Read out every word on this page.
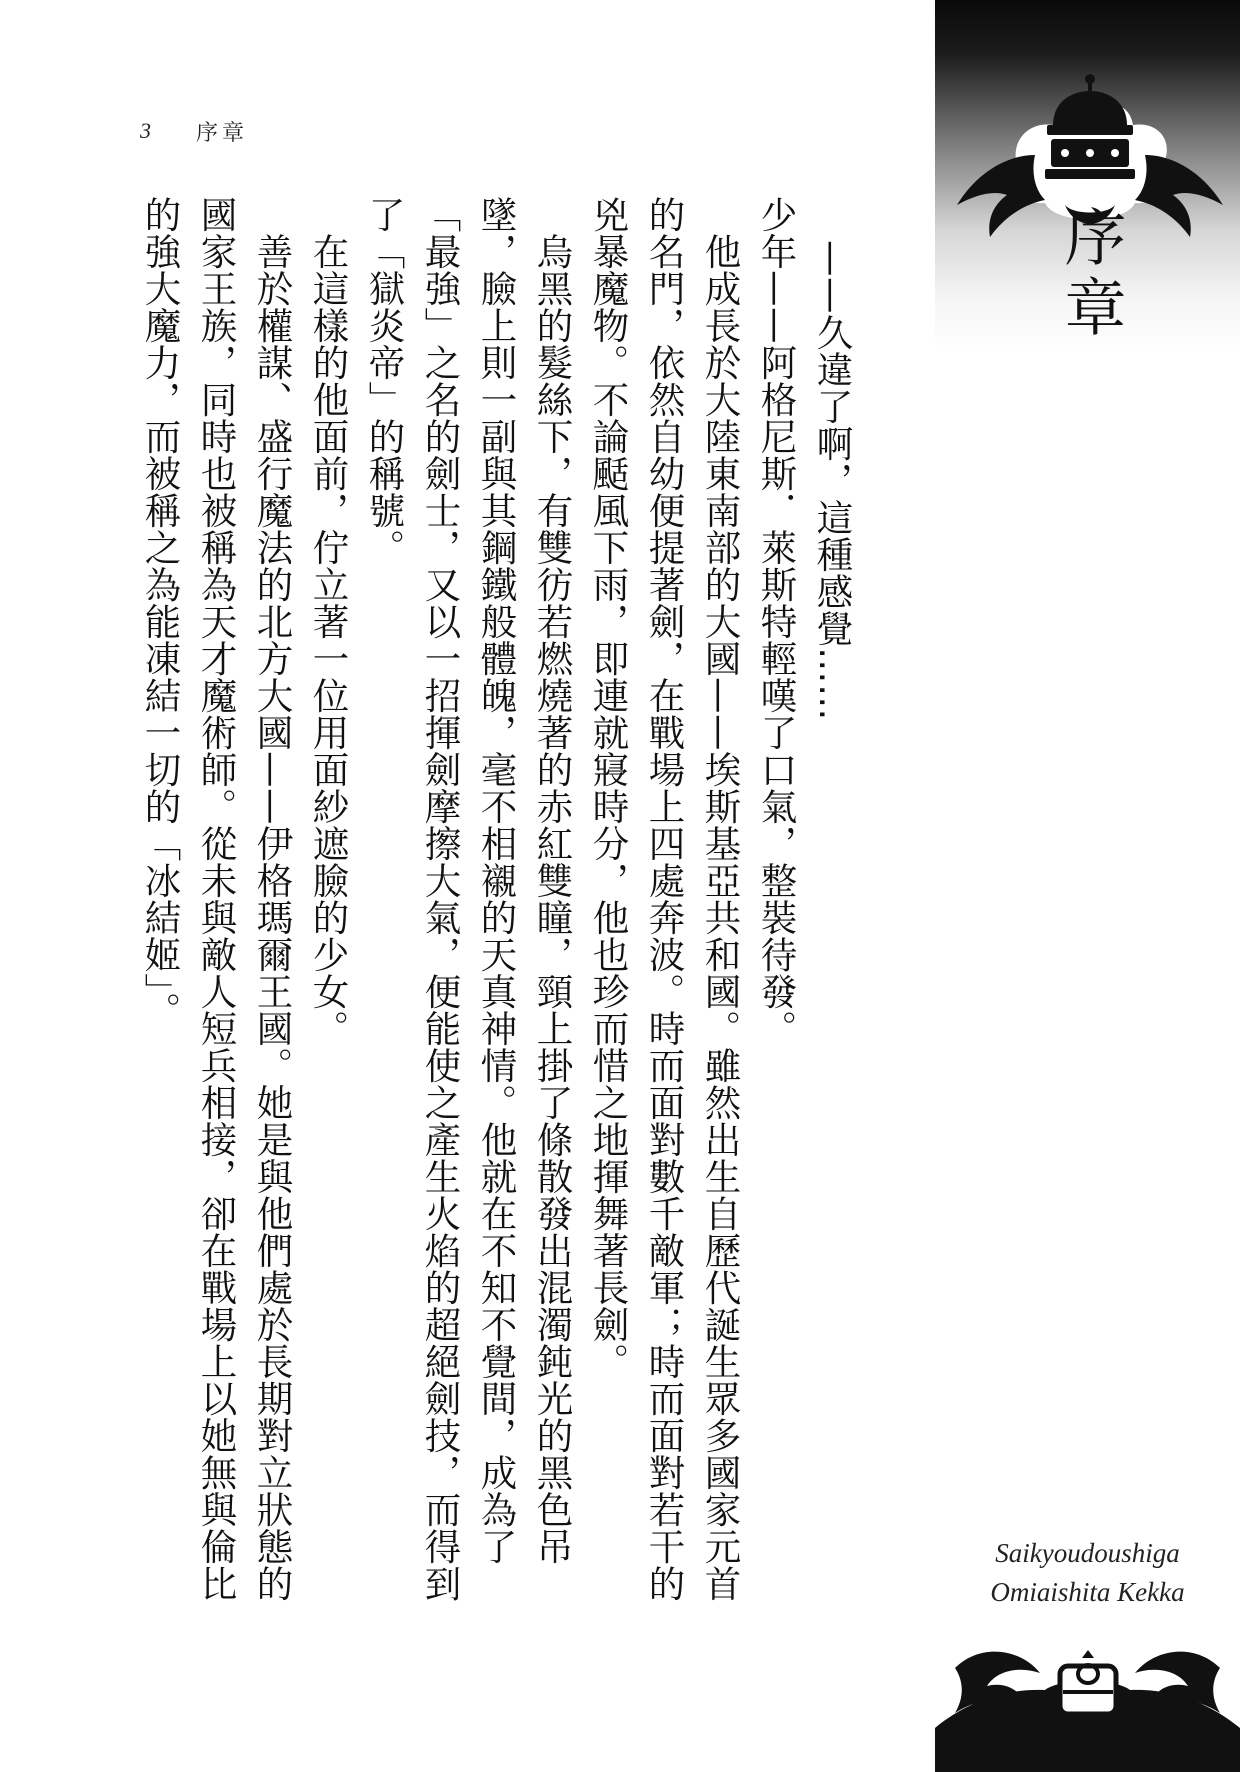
3 序章

——久違了啊，這種感覺……

少年——阿格尼斯．萊斯特輕嘆了口氣，整裝待發。

他成長於大陸東南部的大國——埃斯基亞共和國。雖然出生自歷代誕生眾多國家元首的名門，依然自幼便提著劍，在戰場上四處奔波。時而面對數千敵軍；時而面對若干的兇暴魔物。不論颳風下雨，即連就寢時分，他也珍而惜之地揮舞著長劍。

烏黑的髮絲下，有雙彷若燃燒著的赤紅雙瞳，頸上掛了條散發出混濁鈍光的黑色吊墜，臉上則一副與其鋼鐵般體魄，毫不相襯的天真神情。他就在不知不覺間，成為了「最強」之名的劍士，又以一招揮劍摩擦大氣，便能使之產生火焰的超絕劍技，而得到了「獄炎帝」的稱號。

在這樣的他面前，佇立著一位用面紗遮臉的少女。

善於權謀、盛行魔法的北方大國——伊格瑪爾王國。她是與他們處於長期對立狀態的國家王族，同時也被稱為天才魔術師。從未與敵人短兵相接，卻在戰場上以她無與倫比的強大魔力，而被稱之為能凍結一切的「冰結姬」。	序章
Saikyoudoushiga
Omiaishita Kekka
